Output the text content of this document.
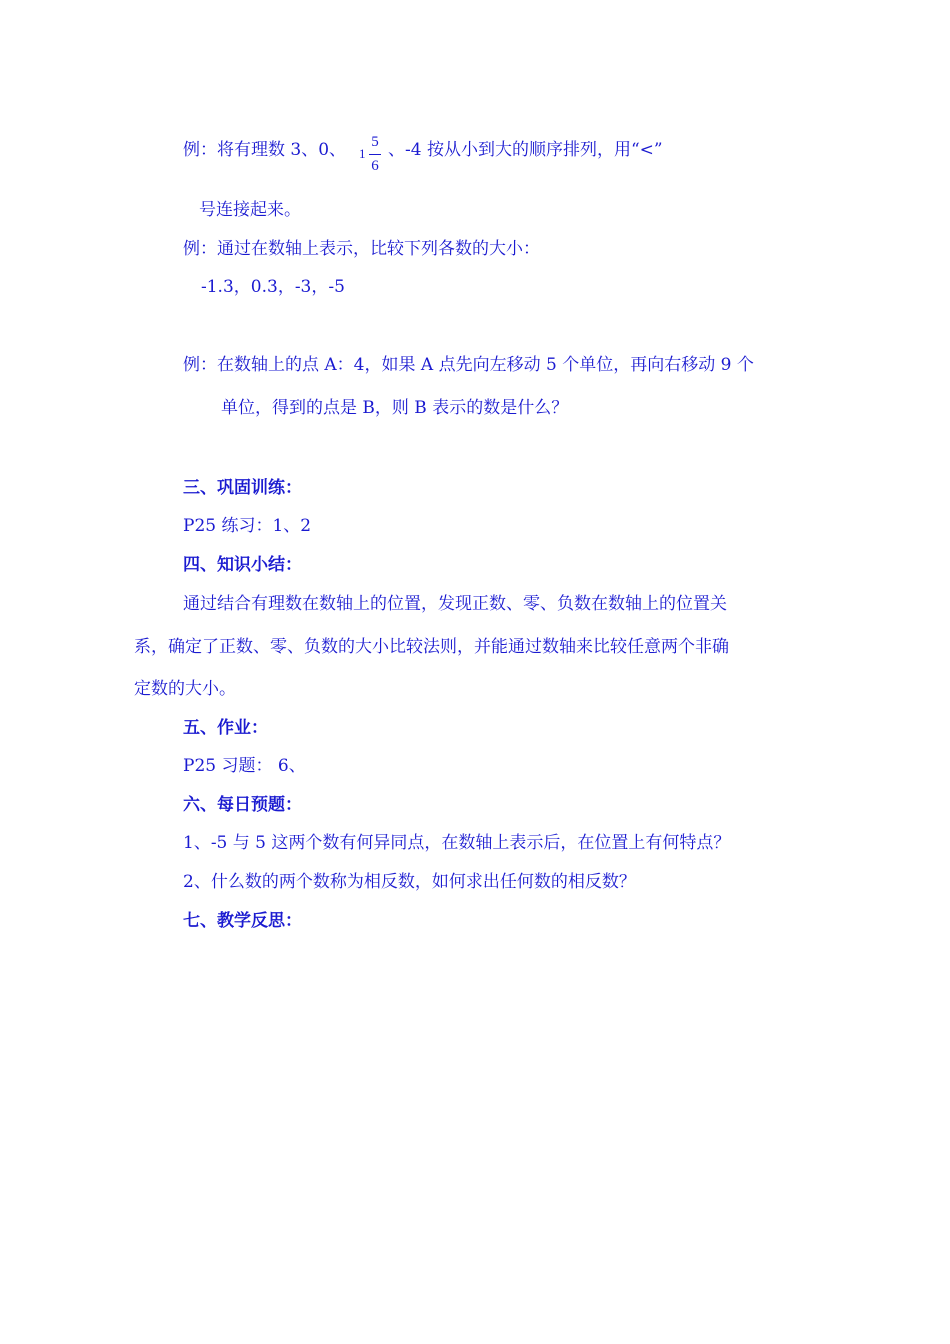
例：将有理数 3、0、 1
5
6
、-4 按从小到大的顺序排列，用“<”
号连接起来。
例：通过在数轴上表示，比较下列各数的大小：
-1.3，0.3，-3，-5
例：在数轴上的点 A：4，如果 A 点先向左移动 5 个单位，再向右移动 9 个
单位，得到的点是 B，则 B 表示的数是什么？
三、巩固训练：
P25 练习：1、2
四、知识小结：
通过结合有理数在数轴上的位置，发现正数、零、负数在数轴上的位置关
系，确定了正数、零、负数的大小比较法则，并能通过数轴来比较任意两个非确
定数的大小。
五、作业：
P25 习题： 6、
六、每日预题：
1、-5 与 5 这两个数有何异同点，在数轴上表示后，在位置上有何特点？
2、什么数的两个数称为相反数，如何求出任何数的相反数？
七、教学反思：
